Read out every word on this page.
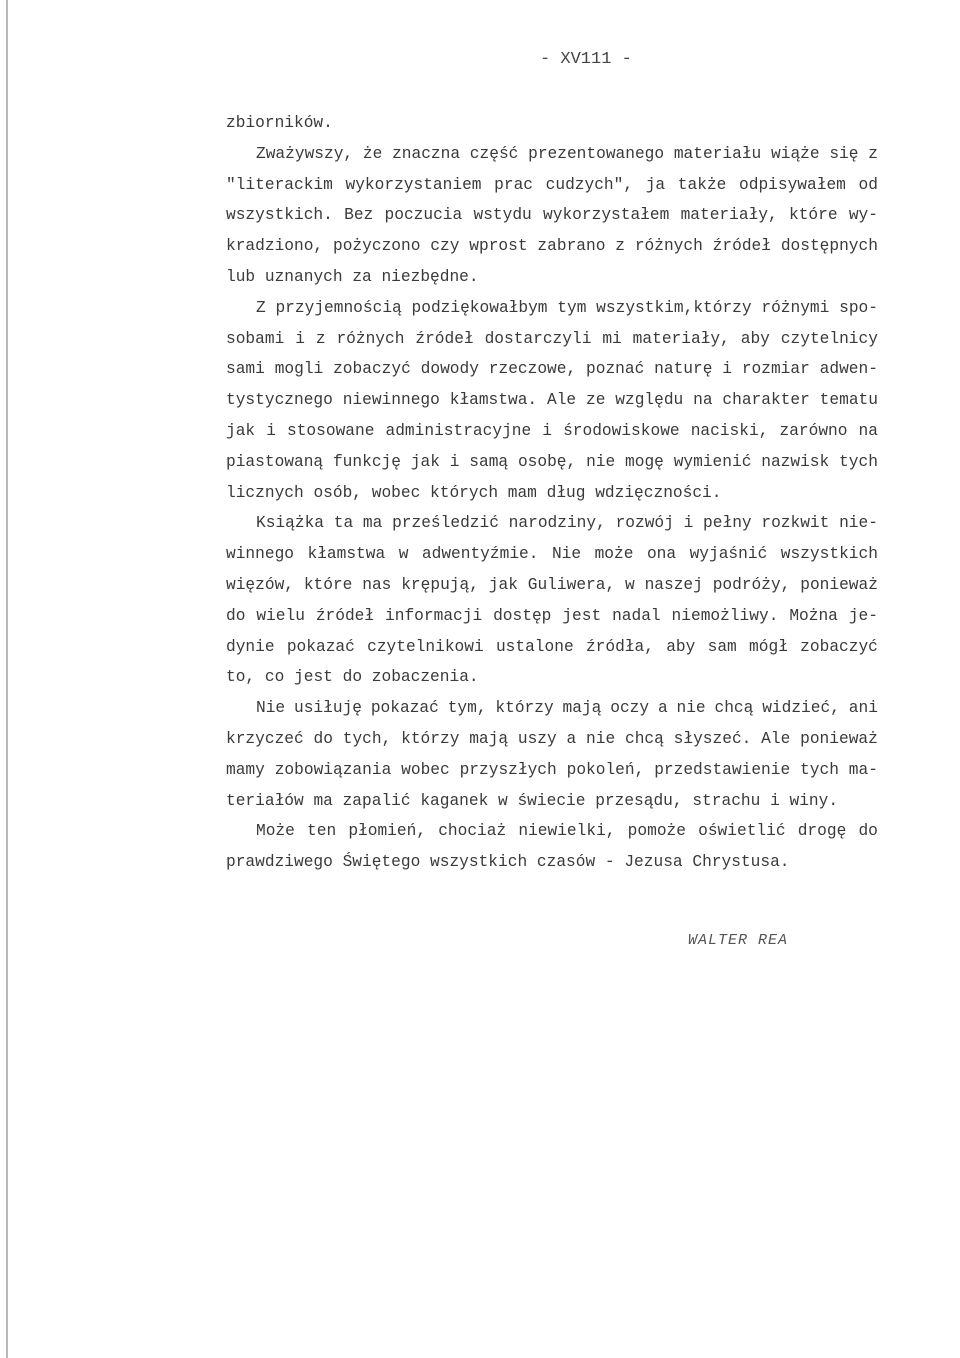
- XV111 -
zbiorników.
Zważywszy, że znaczna część prezentowanego materiału wiąże się z
"literackim wykorzystaniem prac cudzych", ja także odpisywałem od
wszystkich. Bez poczucia wstydu wykorzystałem materiały, które wy-
kradziono, pożyczono czy wprost zabrano z różnych źródeł dostępnych
lub uznanych za niezbędne.
Z przyjemnością podziękowałbym tym wszystkim,którzy różnymi spo-
sobami i z różnych źródeł dostarczyli mi materiały, aby czytelnicy
sami mogli zobaczyć dowody rzeczowe, poznać naturę i rozmiar adwen-
tystycznego niewinnego kłamstwa. Ale ze względu na charakter tematu
jak i stosowane administracyjne i środowiskowe naciski, zarówno na
piastowaną funkcję jak i samą osobę, nie mogę wymienić nazwisk tych
licznych osób, wobec których mam dług wdzięczności.
Książka ta ma prześledzić narodziny, rozwój i pełny rozkwit nie-
winnego kłamstwa w adwentyźmie. Nie może ona wyjaśnić wszystkich
więzów, które nas krępują, jak Guliwera, w naszej podróży, ponieważ
do wielu źródeł informacji dostęp jest nadal niemożliwy. Można je-
dynie pokazać czytelnikowi ustalone źródła, aby sam mógł zobaczyć
to, co jest do zobaczenia.
Nie usiłuję pokazać tym, którzy mają oczy a nie chcą widzieć, ani
krzyczeć do tych, którzy mają uszy a nie chcą słyszeć. Ale ponieważ
mamy zobowiązania wobec przyszłych pokoleń, przedstawienie tych ma-
teriałów ma zapalić kaganek w świecie przesądu, strachu i winy.
Może ten płomień, chociaż niewielki, pomoże oświetlić drogę do
prawdziwego Świętego wszystkich czasów - Jezusa Chrystusa.
WALTER REA
